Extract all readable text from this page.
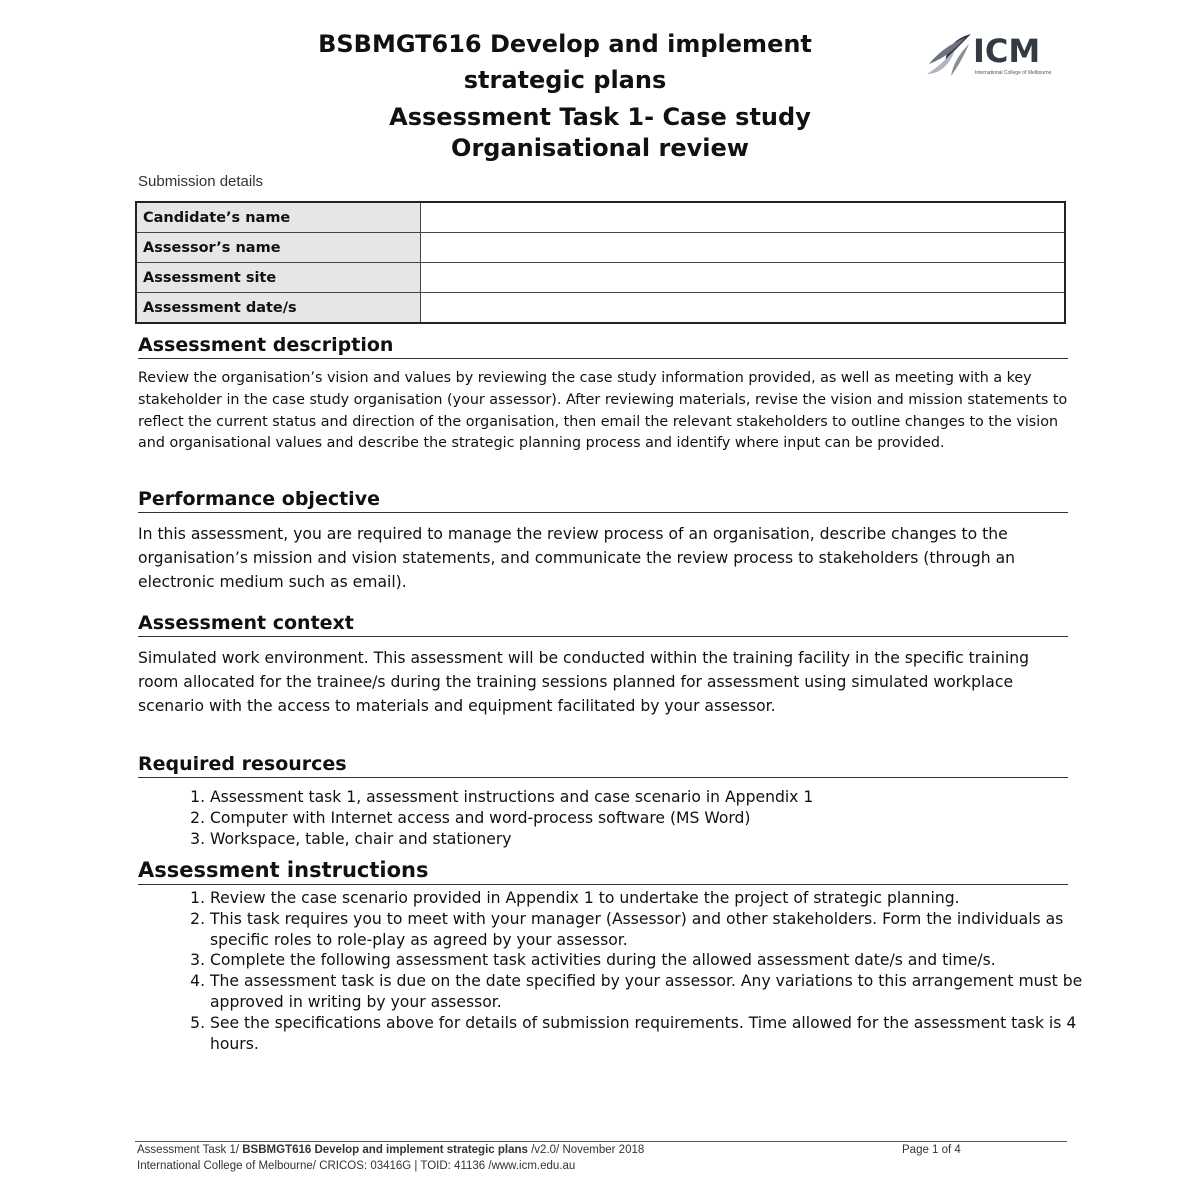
BSBMGT616 Develop and implement
strategic plans
Assessment Task 1- Case study
Organisational review
ICM
International College of Melbourne
Submission details
Candidate’s name	
Assessor’s name	
Assessment site	
Assessment date/s	
Assessment description
Review the organisation’s vision and values by reviewing the case study information provided, as well as meeting with a key stakeholder in the case study organisation (your assessor). After reviewing materials, revise the vision and mission statements to reflect the current status and direction of the organisation, then email the relevant stakeholders to outline changes to the vision and organisational values and describe the strategic planning process and identify where input can be provided.
Performance objective
In this assessment, you are required to manage the review process of an organisation, describe changes to the organisation’s mission and vision statements, and communicate the review process to stakeholders (through an electronic medium such as email).
Assessment context
Simulated work environment. This assessment will be conducted within the training facility in the specific training room allocated for the trainee/s during the training sessions planned for assessment using simulated workplace scenario with the access to materials and equipment facilitated by your assessor.
Required resources
1. Assessment task 1, assessment instructions and case scenario in Appendix 1
2. Computer with Internet access and word-process software (MS Word)
3. Workspace, table, chair and stationery
Assessment instructions
1. Review the case scenario provided in Appendix 1 to undertake the project of strategic planning.
2. This task requires you to meet with your manager (Assessor) and other stakeholders. Form the individuals as specific roles to role-play as agreed by your assessor.
3. Complete the following assessment task activities during the allowed assessment date/s and time/s.
4. The assessment task is due on the date specified by your assessor. Any variations to this arrangement must be approved in writing by your assessor.
5. See the specifications above for details of submission requirements. Time allowed for the assessment task is 4 hours.
Assessment Task 1/ BSBMGT616 Develop and implement strategic plans /v2.0/ November 2018	Page 1 of 4
International College of Melbourne/ CRICOS: 03416G | TOID: 41136 /www.icm.edu.au
